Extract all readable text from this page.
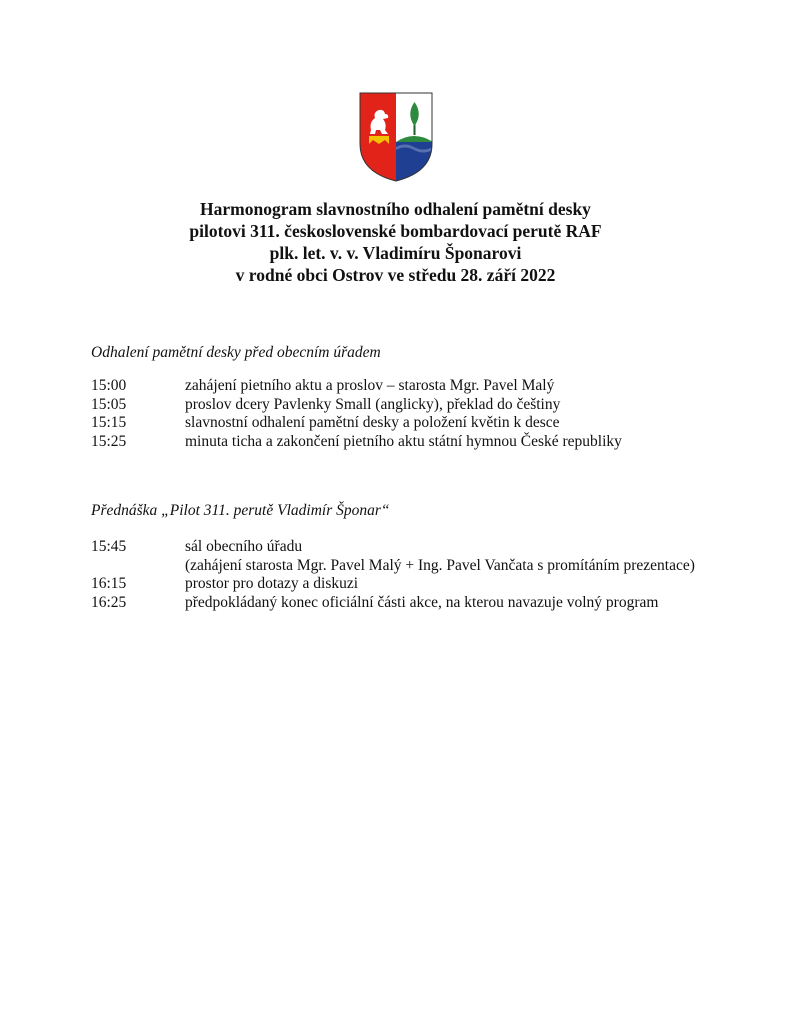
Harmonogram slavnostního odhalení pamětní desky
pilotovi 311. československé bombardovací perutě RAF
plk. let. v. v. Vladimíru Šponarovi
v rodné obci Ostrov ve středu 28. září 2022
Odhalení pamětní desky před obecním úřadem
15:00	zahájení pietního aktu a proslov – starosta Mgr. Pavel Malý
15:05	proslov dcery Pavlenky Small (anglicky), překlad do češtiny
15:15	slavnostní odhalení pamětní desky a položení květin k desce
15:25	minuta ticha a zakončení pietního aktu státní hymnou České republiky
Přednáška „Pilot 311. perutě Vladimír Šponar“
15:45	sál obecního úřadu
(zahájení starosta Mgr. Pavel Malý + Ing. Pavel Vančata s promítáním prezentace)
16:15	prostor pro dotazy a diskuzi
16:25	předpokládaný konec oficiální části akce, na kterou navazuje volný program
